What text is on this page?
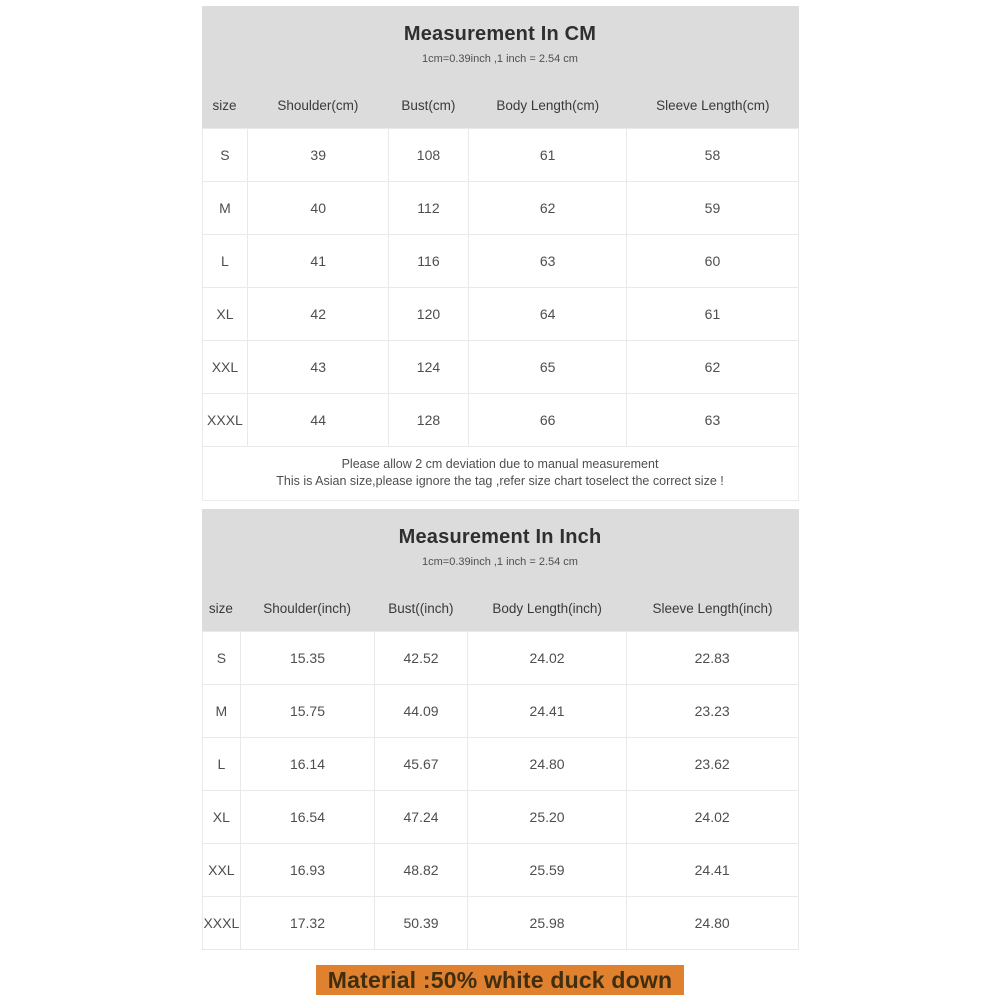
Measurement In CM
1cm=0.39inch ,1 inch = 2.54 cm
size	Shoulder(cm)	Bust(cm)	Body Length(cm)	Sleeve Length(cm)
S	39	108	61	58
M	40	112	62	59
L	41	116	63	60
XL	42	120	64	61
XXL	43	124	65	62
XXXL	44	128	66	63

Please allow 2 cm deviation due to manual measurement

This is Asian size,please ignore the tag ,refer size chart toselect the correct size !

Measurement In Inch
1cm=0.39inch ,1 inch = 2.54 cm
size	Shoulder(inch)	Bust((inch)	Body Length(inch)	Sleeve Length(inch)
S	15.35	42.52	24.02	22.83
M	15.75	44.09	24.41	23.23
L	16.14	45.67	24.80	23.62
XL	16.54	47.24	25.20	24.02
XXL	16.93	48.82	25.59	24.41
XXXL	17.32	50.39	25.98	24.80
Material :50% white duck down
